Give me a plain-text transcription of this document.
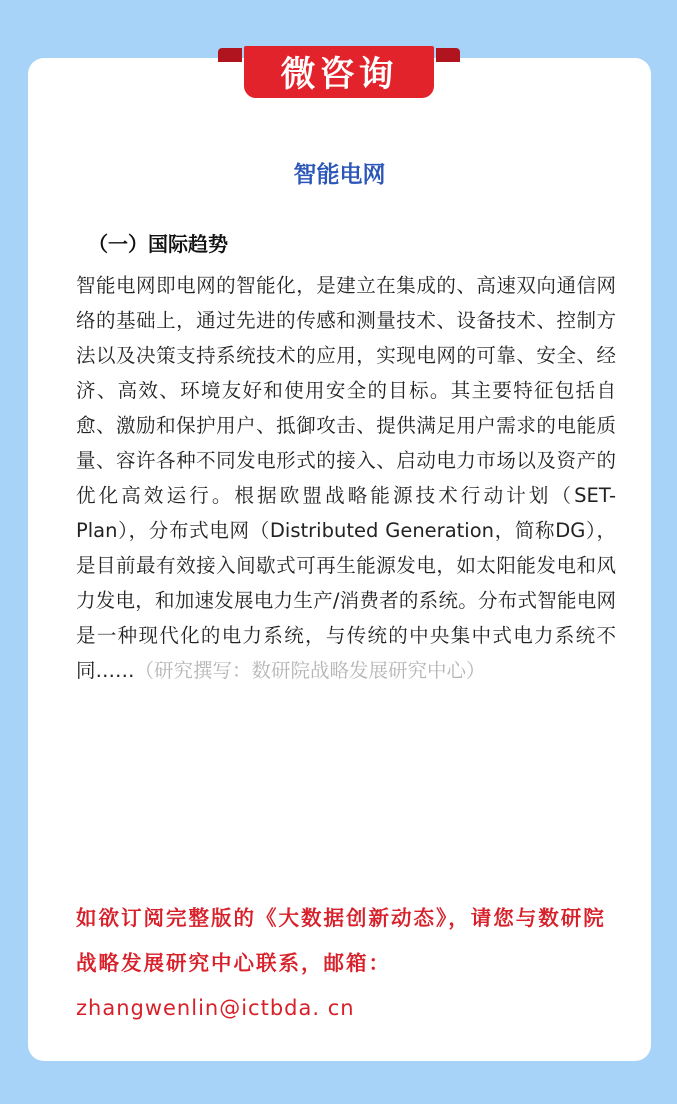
微咨询
智能电网
（一）国际趋势
智能电网即电网的智能化，是建立在集成的、高速双向通信网络的基础上，通过先进的传感和测量技术、设备技术、控制方法以及决策支持系统技术的应用，实现电网的可靠、安全、经济、高效、环境友好和使用安全的目标。其主要特征包括自愈、激励和保护用户、抵御攻击、提供满足用户需求的电能质量、容许各种不同发电形式的接入、启动电力市场以及资产的优化高效运行。根据欧盟战略能源技术行动计划（SET-Plan），分布式电网（Distributed Generation，简称DG），是目前最有效接入间歇式可再生能源发电，如太阳能发电和风力发电，和加速发展电力生产/消费者的系统。分布式智能电网是一种现代化的电力系统，与传统的中央集中式电力系统不同……（研究撰写：数研院战略发展研究中心）
如欲订阅完整版的《大数据创新动态》，请您与数研院战略发展研究中心联系，邮箱：
zhangwenlin@ictbda. cn
